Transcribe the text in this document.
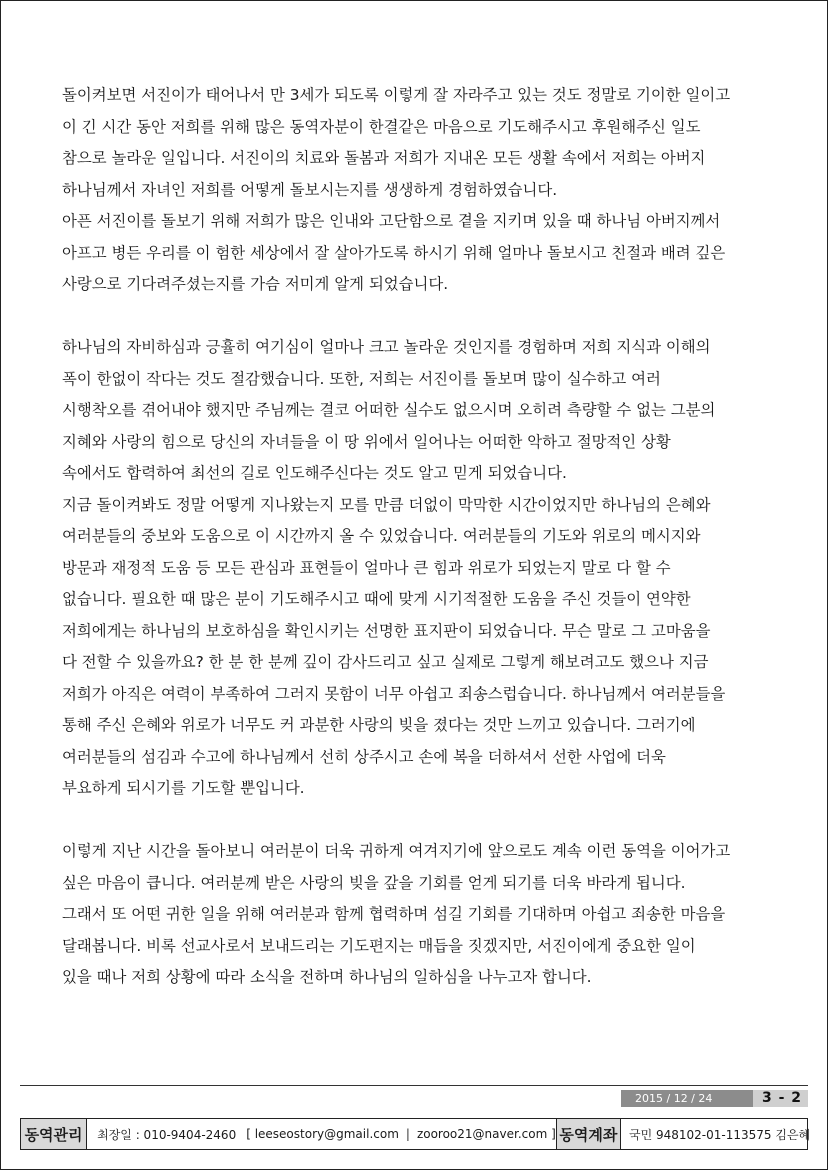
돌이켜보면 서진이가 태어나서 만 3세가 되도록 이렇게 잘 자라주고 있는 것도 정말로 기이한 일이고
이 긴 시간 동안 저희를 위해 많은 동역자분이 한결같은 마음으로 기도해주시고 후원해주신 일도
참으로 놀라운 일입니다. 서진이의 치료와 돌봄과 저희가 지내온 모든 생활 속에서 저희는 아버지
하나님께서 자녀인 저희를 어떻게 돌보시는지를 생생하게 경험하였습니다.
아픈 서진이를 돌보기 위해 저희가 많은 인내와 고단함으로 곁을 지키며 있을 때 하나님 아버지께서
아프고 병든 우리를 이 험한 세상에서 잘 살아가도록 하시기 위해 얼마나 돌보시고 친절과 배려 깊은
사랑으로 기다려주셨는지를 가슴 저미게 알게 되었습니다.
하나님의 자비하심과 긍휼히 여기심이 얼마나 크고 놀라운 것인지를 경험하며 저희 지식과 이해의
폭이 한없이 작다는 것도 절감했습니다. 또한, 저희는 서진이를 돌보며 많이 실수하고 여러
시행착오를 겪어내야 했지만 주님께는 결코 어떠한 실수도 없으시며 오히려 측량할 수 없는 그분의
지혜와 사랑의 힘으로 당신의 자녀들을 이 땅 위에서 일어나는 어떠한 악하고 절망적인 상황
속에서도 합력하여 최선의 길로 인도해주신다는 것도 알고 믿게 되었습니다.
지금 돌이켜봐도 정말 어떻게 지나왔는지 모를 만큼 더없이 막막한 시간이었지만 하나님의 은혜와
여러분들의 중보와 도움으로 이 시간까지 올 수 있었습니다. 여러분들의 기도와 위로의 메시지와
방문과 재정적 도움 등 모든 관심과 표현들이 얼마나 큰 힘과 위로가 되었는지 말로 다 할 수
없습니다. 필요한 때 많은 분이 기도해주시고 때에 맞게 시기적절한 도움을 주신 것들이 연약한
저희에게는 하나님의 보호하심을 확인시키는 선명한 표지판이 되었습니다. 무슨 말로 그 고마움을
다 전할 수 있을까요? 한 분 한 분께 깊이 감사드리고 싶고 실제로 그렇게 해보려고도 했으나 지금
저희가 아직은 여력이 부족하여 그러지 못함이 너무 아쉽고 죄송스럽습니다. 하나님께서 여러분들을
통해 주신 은혜와 위로가 너무도 커 과분한 사랑의 빚을 졌다는 것만 느끼고 있습니다. 그러기에
여러분들의 섬김과 수고에 하나님께서 선히 상주시고 손에 복을 더하셔서 선한 사업에 더욱
부요하게 되시기를 기도할 뿐입니다.
이렇게 지난 시간을 돌아보니 여러분이 더욱 귀하게 여겨지기에 앞으로도 계속 이런 동역을 이어가고
싶은 마음이 큽니다. 여러분께 받은 사랑의 빚을 갚을 기회를 얻게 되기를 더욱 바라게 됩니다.
그래서 또 어떤 귀한 일을 위해 여러분과 함께 협력하며 섬길 기회를 기대하며 아쉽고 죄송한 마음을
달래봅니다. 비록 선교사로서 보내드리는 기도편지는 매듭을 짓겠지만, 서진이에게 중요한 일이
있을 때나 저희 상황에 따라 소식을 전하며 하나님의 일하심을 나누고자 합니다.
2015 / 12 / 24	3 - 2
동역관리	최장일 : 010-9404-2460 [ leeseostory@gmail.com | zooroo21@naver.com ] 동역계좌 국민 948102-01-113575 김은혜
